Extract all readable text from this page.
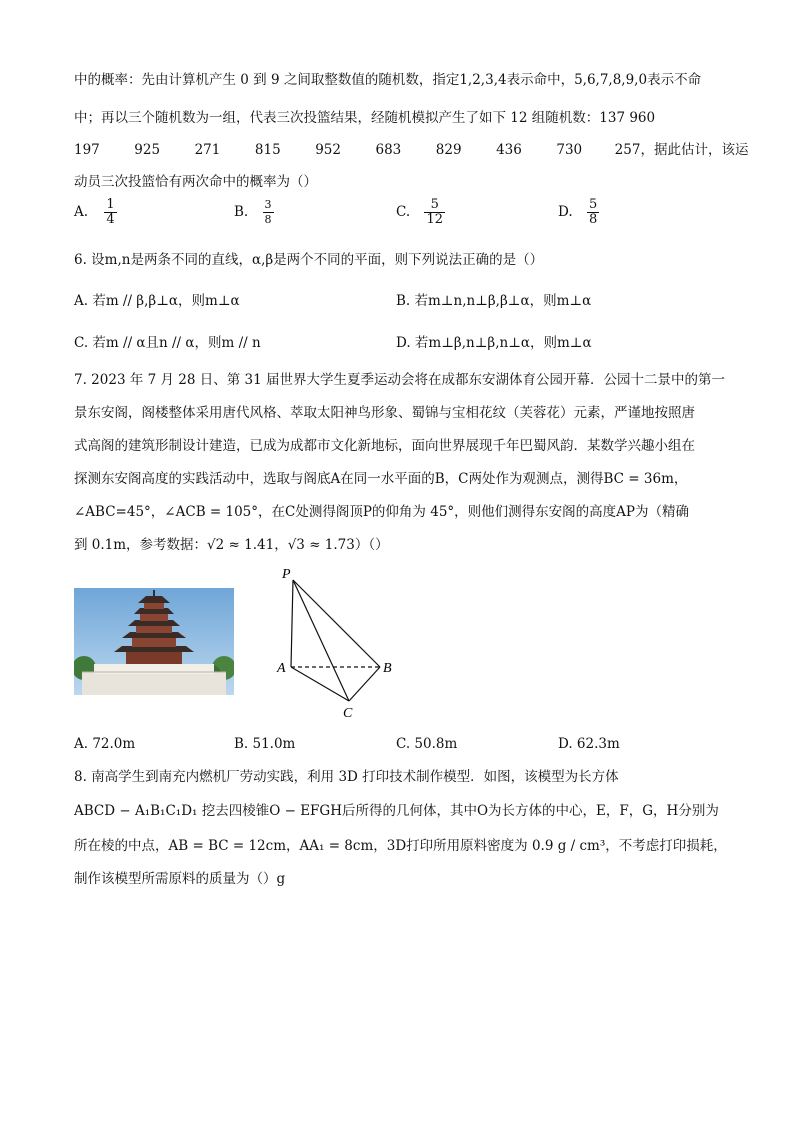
中的概率：先由计算机产生 0 到 9 之间取整数值的随机数，指定1,2,3,4表示命中，5,6,7,8,9,0表示不命
中；再以三个随机数为一组，代表三次投篮结果，经随机模拟产生了如下 12 组随机数：137 960
197	925	271	815	952	683	829	436	730 257，据此估计，该运
动员三次投篮恰有两次命中的概率为（）
A. $\frac{1}{4}$	B. $\frac{3}{8}$	C. $\frac{5}{12}$	D. $\frac{5}{8}$
6. 设m,n是两条不同的直线，α,β是两个不同的平面，则下列说法正确的是（）
A. 若m // β,β⊥α，则m⊥α	B. 若m⊥n,n⊥β,β⊥α，则m⊥α
C. 若m // α且n // α，则m // n	D. 若m⊥β,n⊥β,n⊥α，则m⊥α
7. 2023 年 7 月 28 日、第 31 届世界大学生夏季运动会将在成都东安湖体育公园开幕．公园十二景中的第一
景东安阁，阁楼整体采用唐代风格、萃取太阳神鸟形象、蜀锦与宝相花纹（芙蓉花）元素，严谨地按照唐
式高阁的建筑形制设计建造，已成为成都市文化新地标，面向世界展现千年巴蜀风韵．某数学兴趣小组在
探测东安阁高度的实践活动中，选取与阁底A在同一水平面的B，C两处作为观测点，测得BC = 36m，
∠ABC=45°，∠ACB = 105°，在C处测得阁顶P的仰角为 45°，则他们测得东安阁的高度AP为（精确
到 0.1m，参考数据：√2 ≈ 1.41，√3 ≈ 1.73）（）
A. 72.0m	B. 51.0m	C. 50.8m	D. 62.3m
8. 南高学生到南充内燃机厂劳动实践，利用 3D 打印技术制作模型．如图，该模型为长方体
ABCD − A₁B₁C₁D₁ 挖去四棱锥O − EFGH后所得的几何体，其中O为长方体的中心，E，F，G，H分别为
所在棱的中点，AB = BC = 12cm，AA₁ = 8cm，3D打印所用原料密度为 0.9 g / cm³，不考虑打印损耗，
制作该模型所需原料的质量为（）g
P
A	B
C
